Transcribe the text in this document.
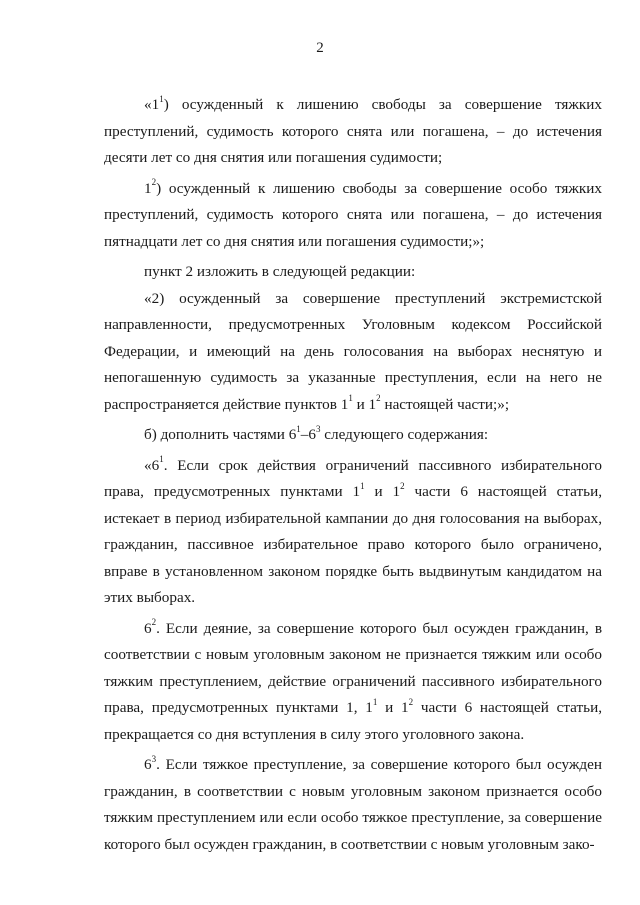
2

«$1^1$) осужденный к лишению свободы за совершение тяжких преступлений, судимость которого снята или погашена, – до истечения десяти лет со дня снятия или погашения судимости;

$1^2$) осужденный к лишению свободы за совершение особо тяжких преступлений, судимость которого снята или погашена, – до истечения пятнадцати лет со дня снятия или погашения судимости;»;

пункт 2 изложить в следующей редакции:

«2) осужденный за совершение преступлений экстремистской направленности, предусмотренных Уголовным кодексом Российской Федерации, и имеющий на день голосования на выборах неснятую и непогашенную судимость за указанные преступления, если на него не распространяется действие пунктов $1^1$ и $1^2$ настоящей части;»;

б) дополнить частями $6^1-6^3$ следующего содержания:

«$6^1$. Если срок действия ограничений пассивного избирательного права, предусмотренных пунктами $1^1$ и $1^2$ части 6 настоящей статьи, истекает в период избирательной кампании до дня голосования на выборах, гражданин, пассивное избирательное право которого было ограничено, вправе в установленном законом порядке быть выдвинутым кандидатом на этих выборах.

$6^2$. Если деяние, за совершение которого был осужден гражданин, в соответствии с новым уголовным законом не признается тяжким или особо тяжким преступлением, действие ограничений пассивного избирательного права, предусмотренных пунктами 1, $1^1$ и $1^2$ части 6 настоящей статьи, прекращается со дня вступления в силу этого уголовного закона.

$6^3$. Если тяжкое преступление, за совершение которого был осужден гражданин, в соответствии с новым уголовным законом признается особо тяжким преступлением или если особо тяжкое преступление, за совершение которого был осужден гражданин, в соответствии с новым уголовным зако-
